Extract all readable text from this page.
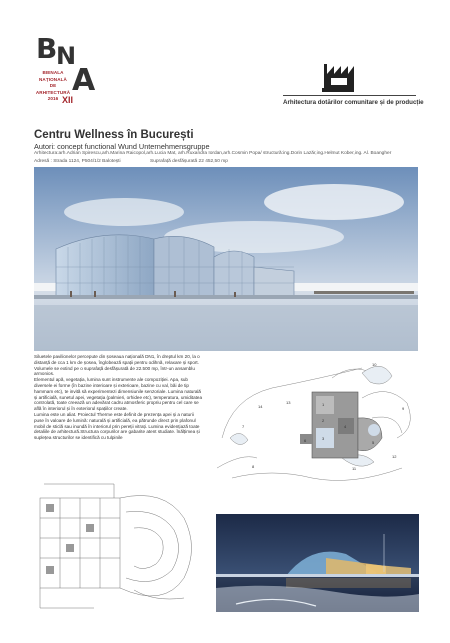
B
N
A
BIENALA
NAȚIONALĂ
DE
ARHITECTURĂ
2016 XII	Arhitectura dotărilor comunitare și de producție
Centru Wellness în București
Autori: concept functional Wund Unternehmensgruppe
Arhitectura:arh.Adrian Spirescu,arh.Marina Raicopol,arh.Lucia Mat, arh.Ruxandra Iordan,arh.Cosmin Popa/ structură:ing.Dorin Lazăr,ing.Helmut Kober,ing. Al. Boangher
Adresă : Strada 1124, P504/1/2 Balotești	Suprafață desfășurată 22 452,50 mp

Siluetele pavilionelor percepute din șoseaua națională DN1, în dreptul km 20, la o distanță de cca 1 km de șosea, înglobează spații pentru odihnă, relaxare și sport. Volumele se extind pe o suprafață desfășurată de 22.500 mp, într-un ansamblu armonios.

Elementul apă, vegetația, lumina sunt instrumente ale compoziției. Apa, sub diversele ei forme (în bazine interioare și exterioare, bazine cu val, băi de tip hammam etc), te invită să experimentezi dimensiunile senzoriale. Lumina naturală și artificială, sunetul apei, vegetația (palmieri, orhidee etc), temperatura, umiditatea controlată, toate creează un adevărat cadru atmosferic propriu pentru cel care se află în interiorul și în exteriorul spațiilor create.

Lumina este un aliat. Proiectul Therme este definit de prezența apei și a naturii puse în valoare de lumină: naturală și artificială, ea pătrunde direct prin plafonul mobil de sticlă sau inundă în interiorul prin pereții vitrați. Lumina evidențiază toate detaliile de arhitectură.Structura corpurilor are gabarite atent studiate. Înălțimea și suplețea structurilor se identifică cu tulpinile

1
2
3
4
5
6
7
8
9
10
11
12
13
14
